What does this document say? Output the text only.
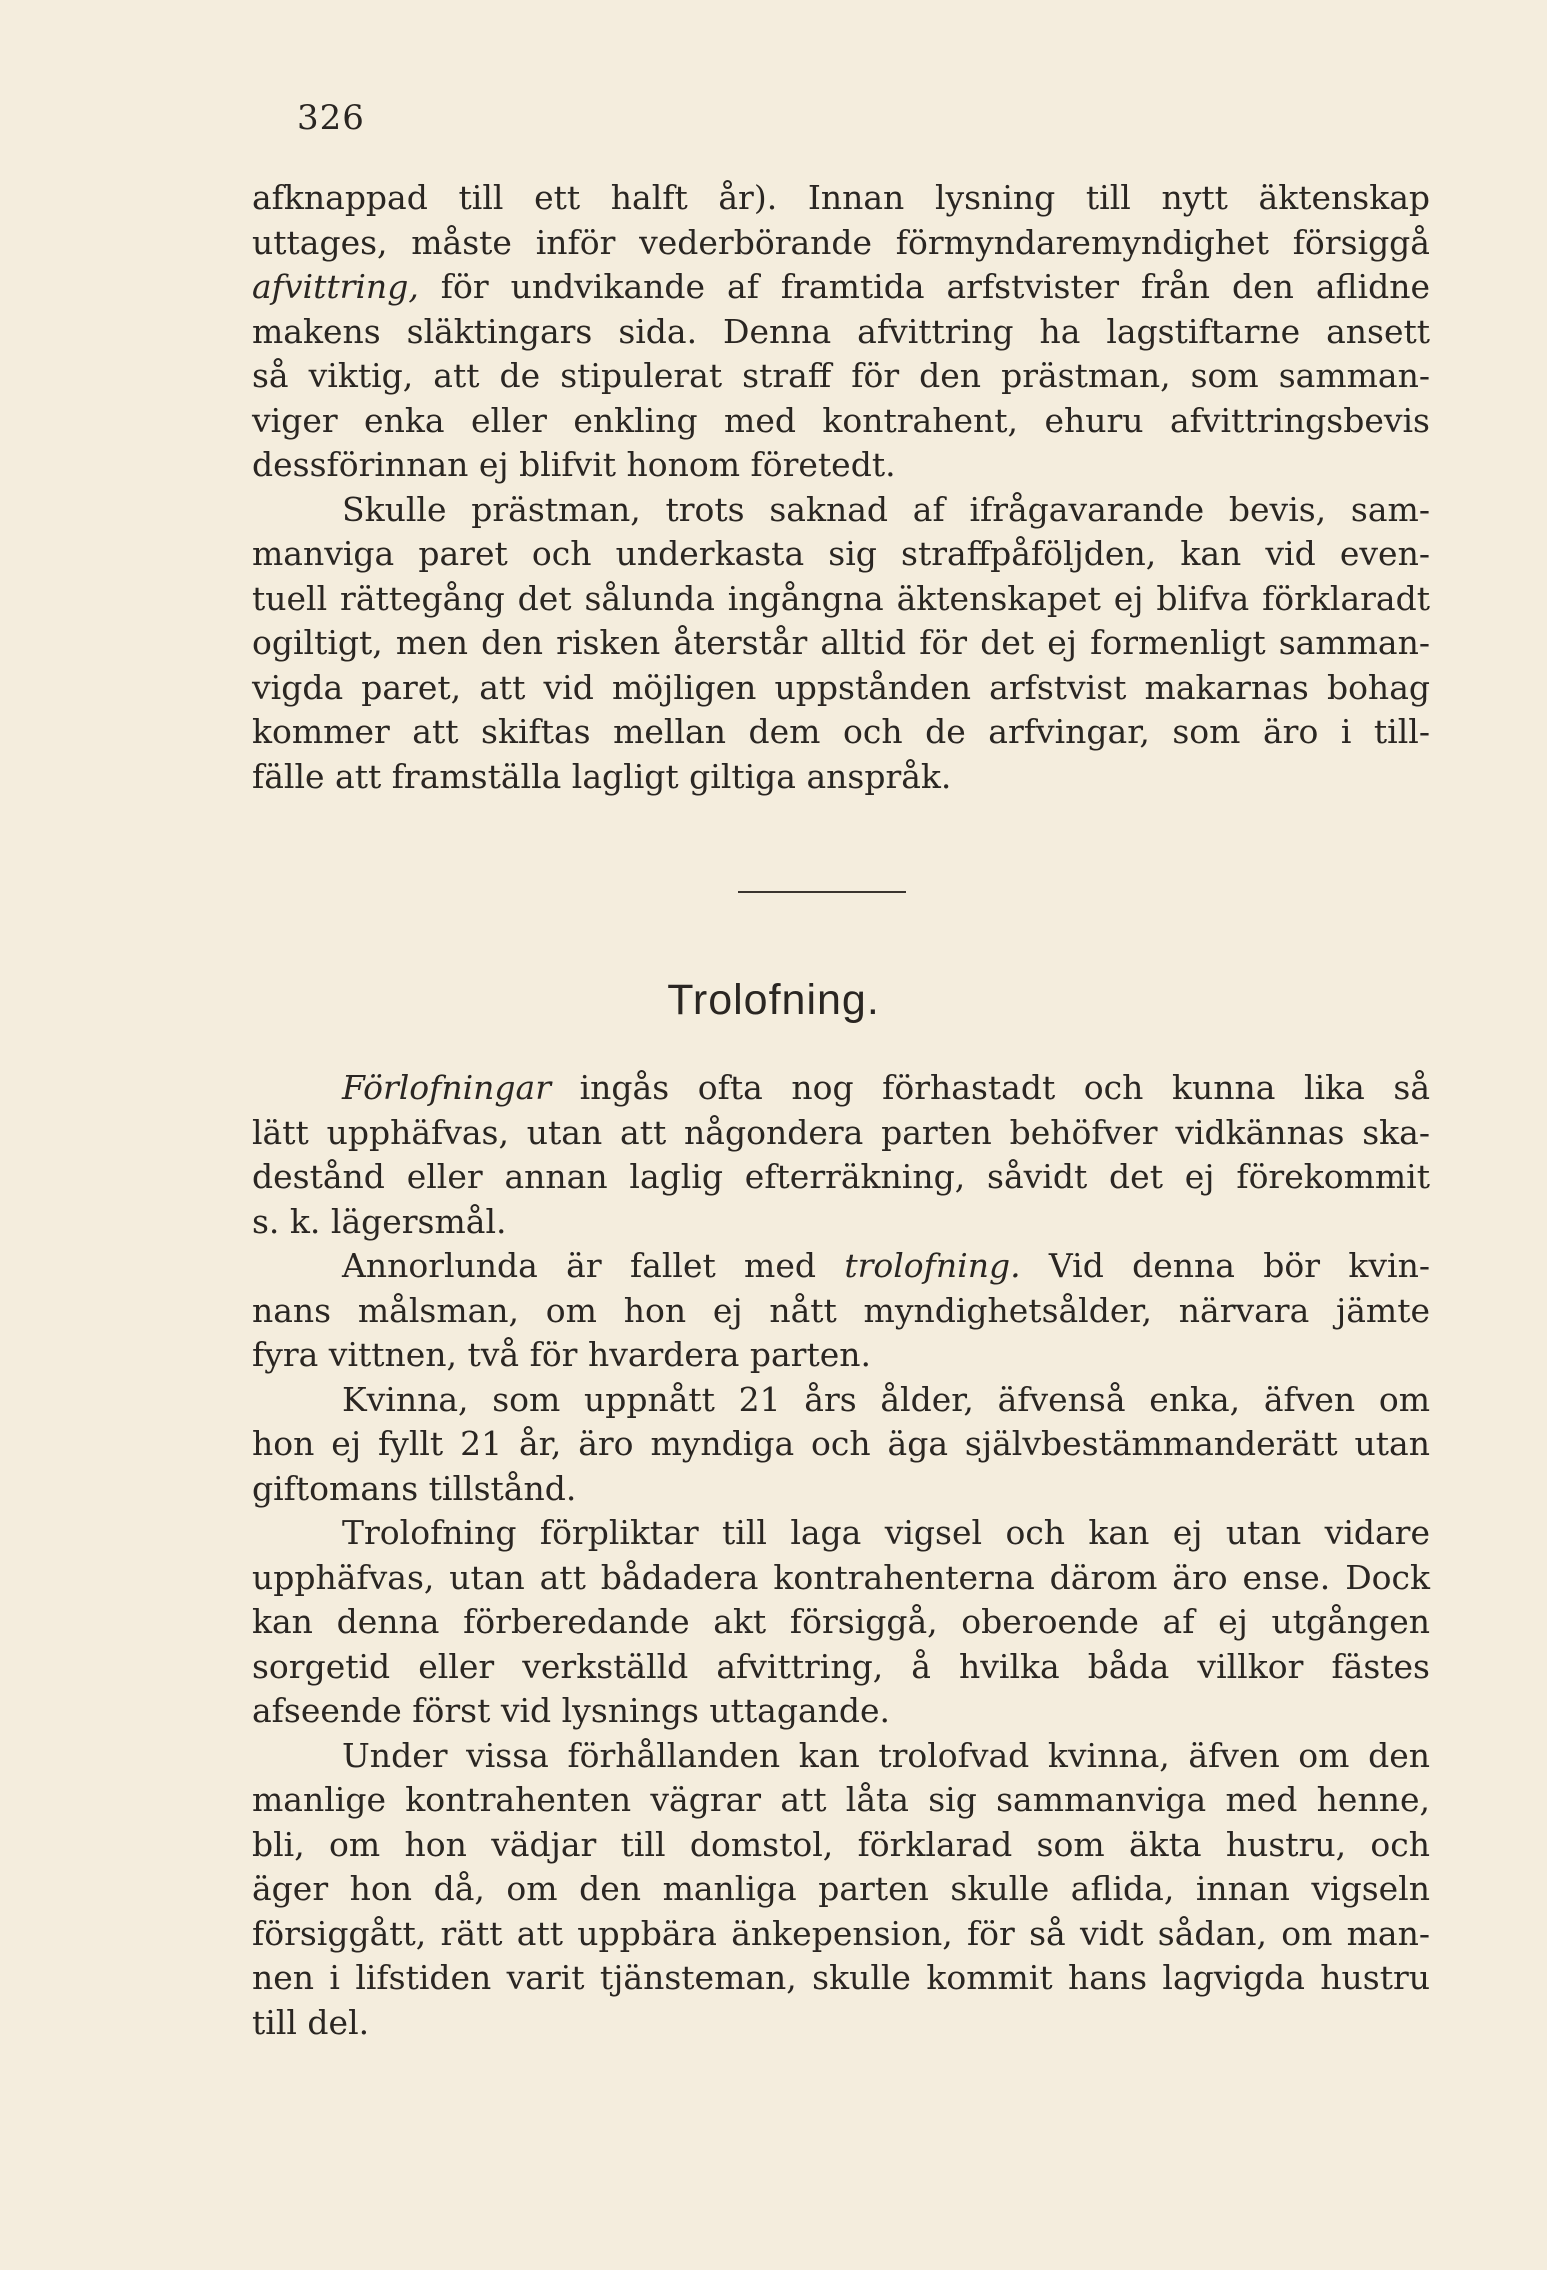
326
afknappad till ett halft år). Innan lysning till nytt äktenskap
uttages, måste inför vederbörande förmyndaremyndighet försiggå
afvittring, för undvikande af framtida arfstvister från den aflidne
makens släktingars sida. Denna afvittring ha lagstiftarne ansett
så viktig, att de stipulerat straff för den prästman, som samman-
viger enka eller enkling med kontrahent, ehuru afvittringsbevis
dessförinnan ej blifvit honom företedt.
Skulle prästman, trots saknad af ifrågavarande bevis, sam-
manviga paret och underkasta sig straffpåföljden, kan vid even-
tuell rättegång det sålunda ingångna äktenskapet ej blifva förklaradt
ogiltigt, men den risken återstår alltid för det ej formenligt samman-
vigda paret, att vid möjligen uppstånden arfstvist makarnas bohag
kommer att skiftas mellan dem och de arfvingar, som äro i till-
fälle att framställa lagligt giltiga anspråk.
Trolofning.
Förlofningar ingås ofta nog förhastadt och kunna lika så
lätt upphäfvas, utan att någondera parten behöfver vidkännas ska-
destånd eller annan laglig efterräkning, såvidt det ej förekommit
s. k. lägersmål.
Annorlunda är fallet med trolofning. Vid denna bör kvin-
nans målsman, om hon ej nått myndighetsålder, närvara jämte
fyra vittnen, två för hvardera parten.
Kvinna, som uppnått 21 års ålder, äfvenså enka, äfven om
hon ej fyllt 21 år, äro myndiga och äga självbestämmanderätt utan
giftomans tillstånd.
Trolofning förpliktar till laga vigsel och kan ej utan vidare
upphäfvas, utan att bådadera kontrahenterna därom äro ense. Dock
kan denna förberedande akt försiggå, oberoende af ej utgången
sorgetid eller verkställd afvittring, å hvilka båda villkor fästes
afseende först vid lysnings uttagande.
Under vissa förhållanden kan trolofvad kvinna, äfven om den
manlige kontrahenten vägrar att låta sig sammanviga med henne,
bli, om hon vädjar till domstol, förklarad som äkta hustru, och
äger hon då, om den manliga parten skulle aflida, innan vigseln
försiggått, rätt att uppbära änkepension, för så vidt sådan, om man-
nen i lifstiden varit tjänsteman, skulle kommit hans lagvigda hustru
till del.
